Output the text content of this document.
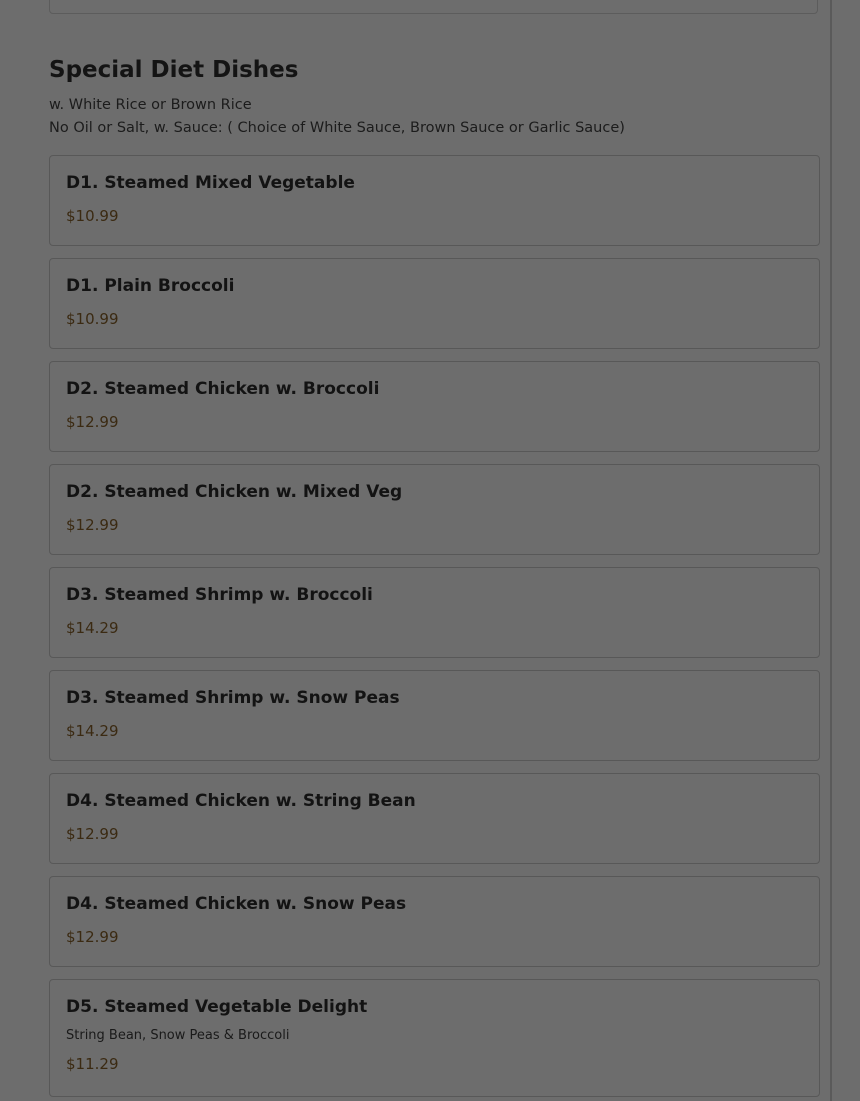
Special Diet Dishes
w. White Rice or Brown Rice
No Oil or Salt, w. Sauce: ( Choice of White Sauce, Brown Sauce or Garlic Sauce)
D1. Steamed Mixed Vegetable
$10.99
D1. Plain Broccoli
$10.99
D2. Steamed Chicken w. Broccoli
$12.99
D2. Steamed Chicken w. Mixed Veg
$12.99
D3. Steamed Shrimp w. Broccoli
$14.29
D3. Steamed Shrimp w. Snow Peas
$14.29
D4. Steamed Chicken w. String Bean
$12.99
D4. Steamed Chicken w. Snow Peas
$12.99
D5. Steamed Vegetable Delight
String Bean, Snow Peas & Broccoli
$11.29
